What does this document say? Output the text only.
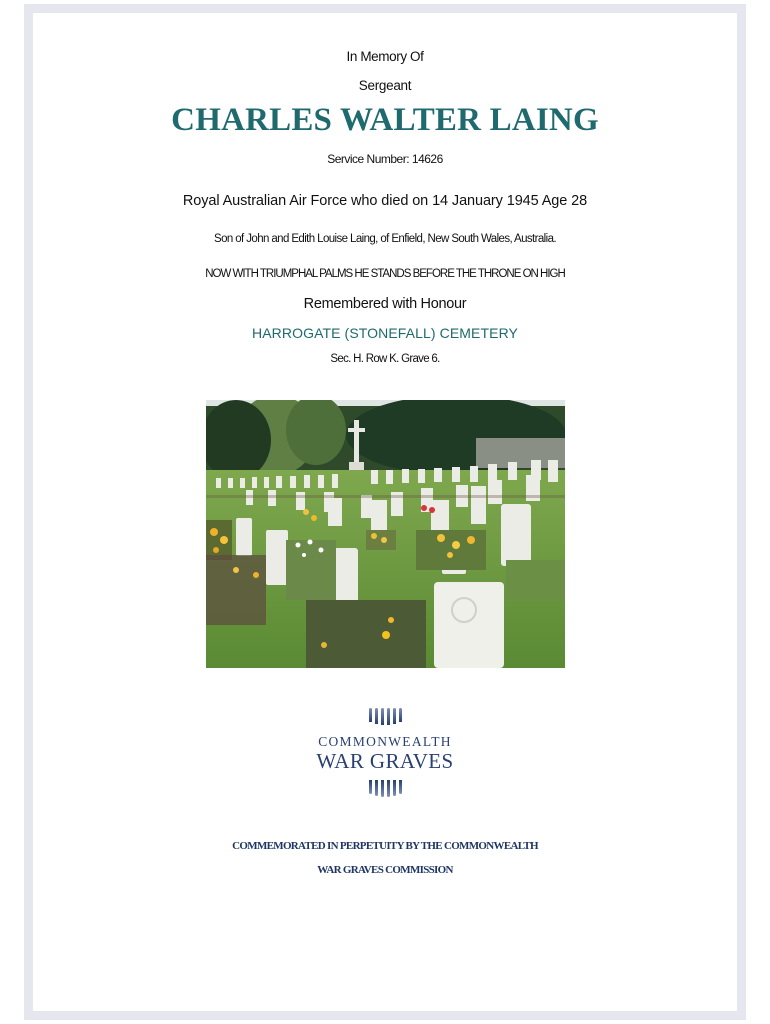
In Memory Of
Sergeant
CHARLES WALTER LAING
Service Number: 14626
Royal Australian Air Force who died on 14 January 1945 Age 28
Son of John and Edith Louise Laing, of Enfield, New South Wales, Australia.
NOW WITH TRIUMPHAL PALMS HE STANDS BEFORE THE THRONE ON HIGH
Remembered with Honour
HARROGATE (STONEFALL) CEMETERY
Sec. H. Row K. Grave 6.
COMMONWEALTH
WAR GRAVES
COMMEMORATED IN PERPETUITY BY THE COMMONWEALTH
WAR GRAVES COMMISSION
